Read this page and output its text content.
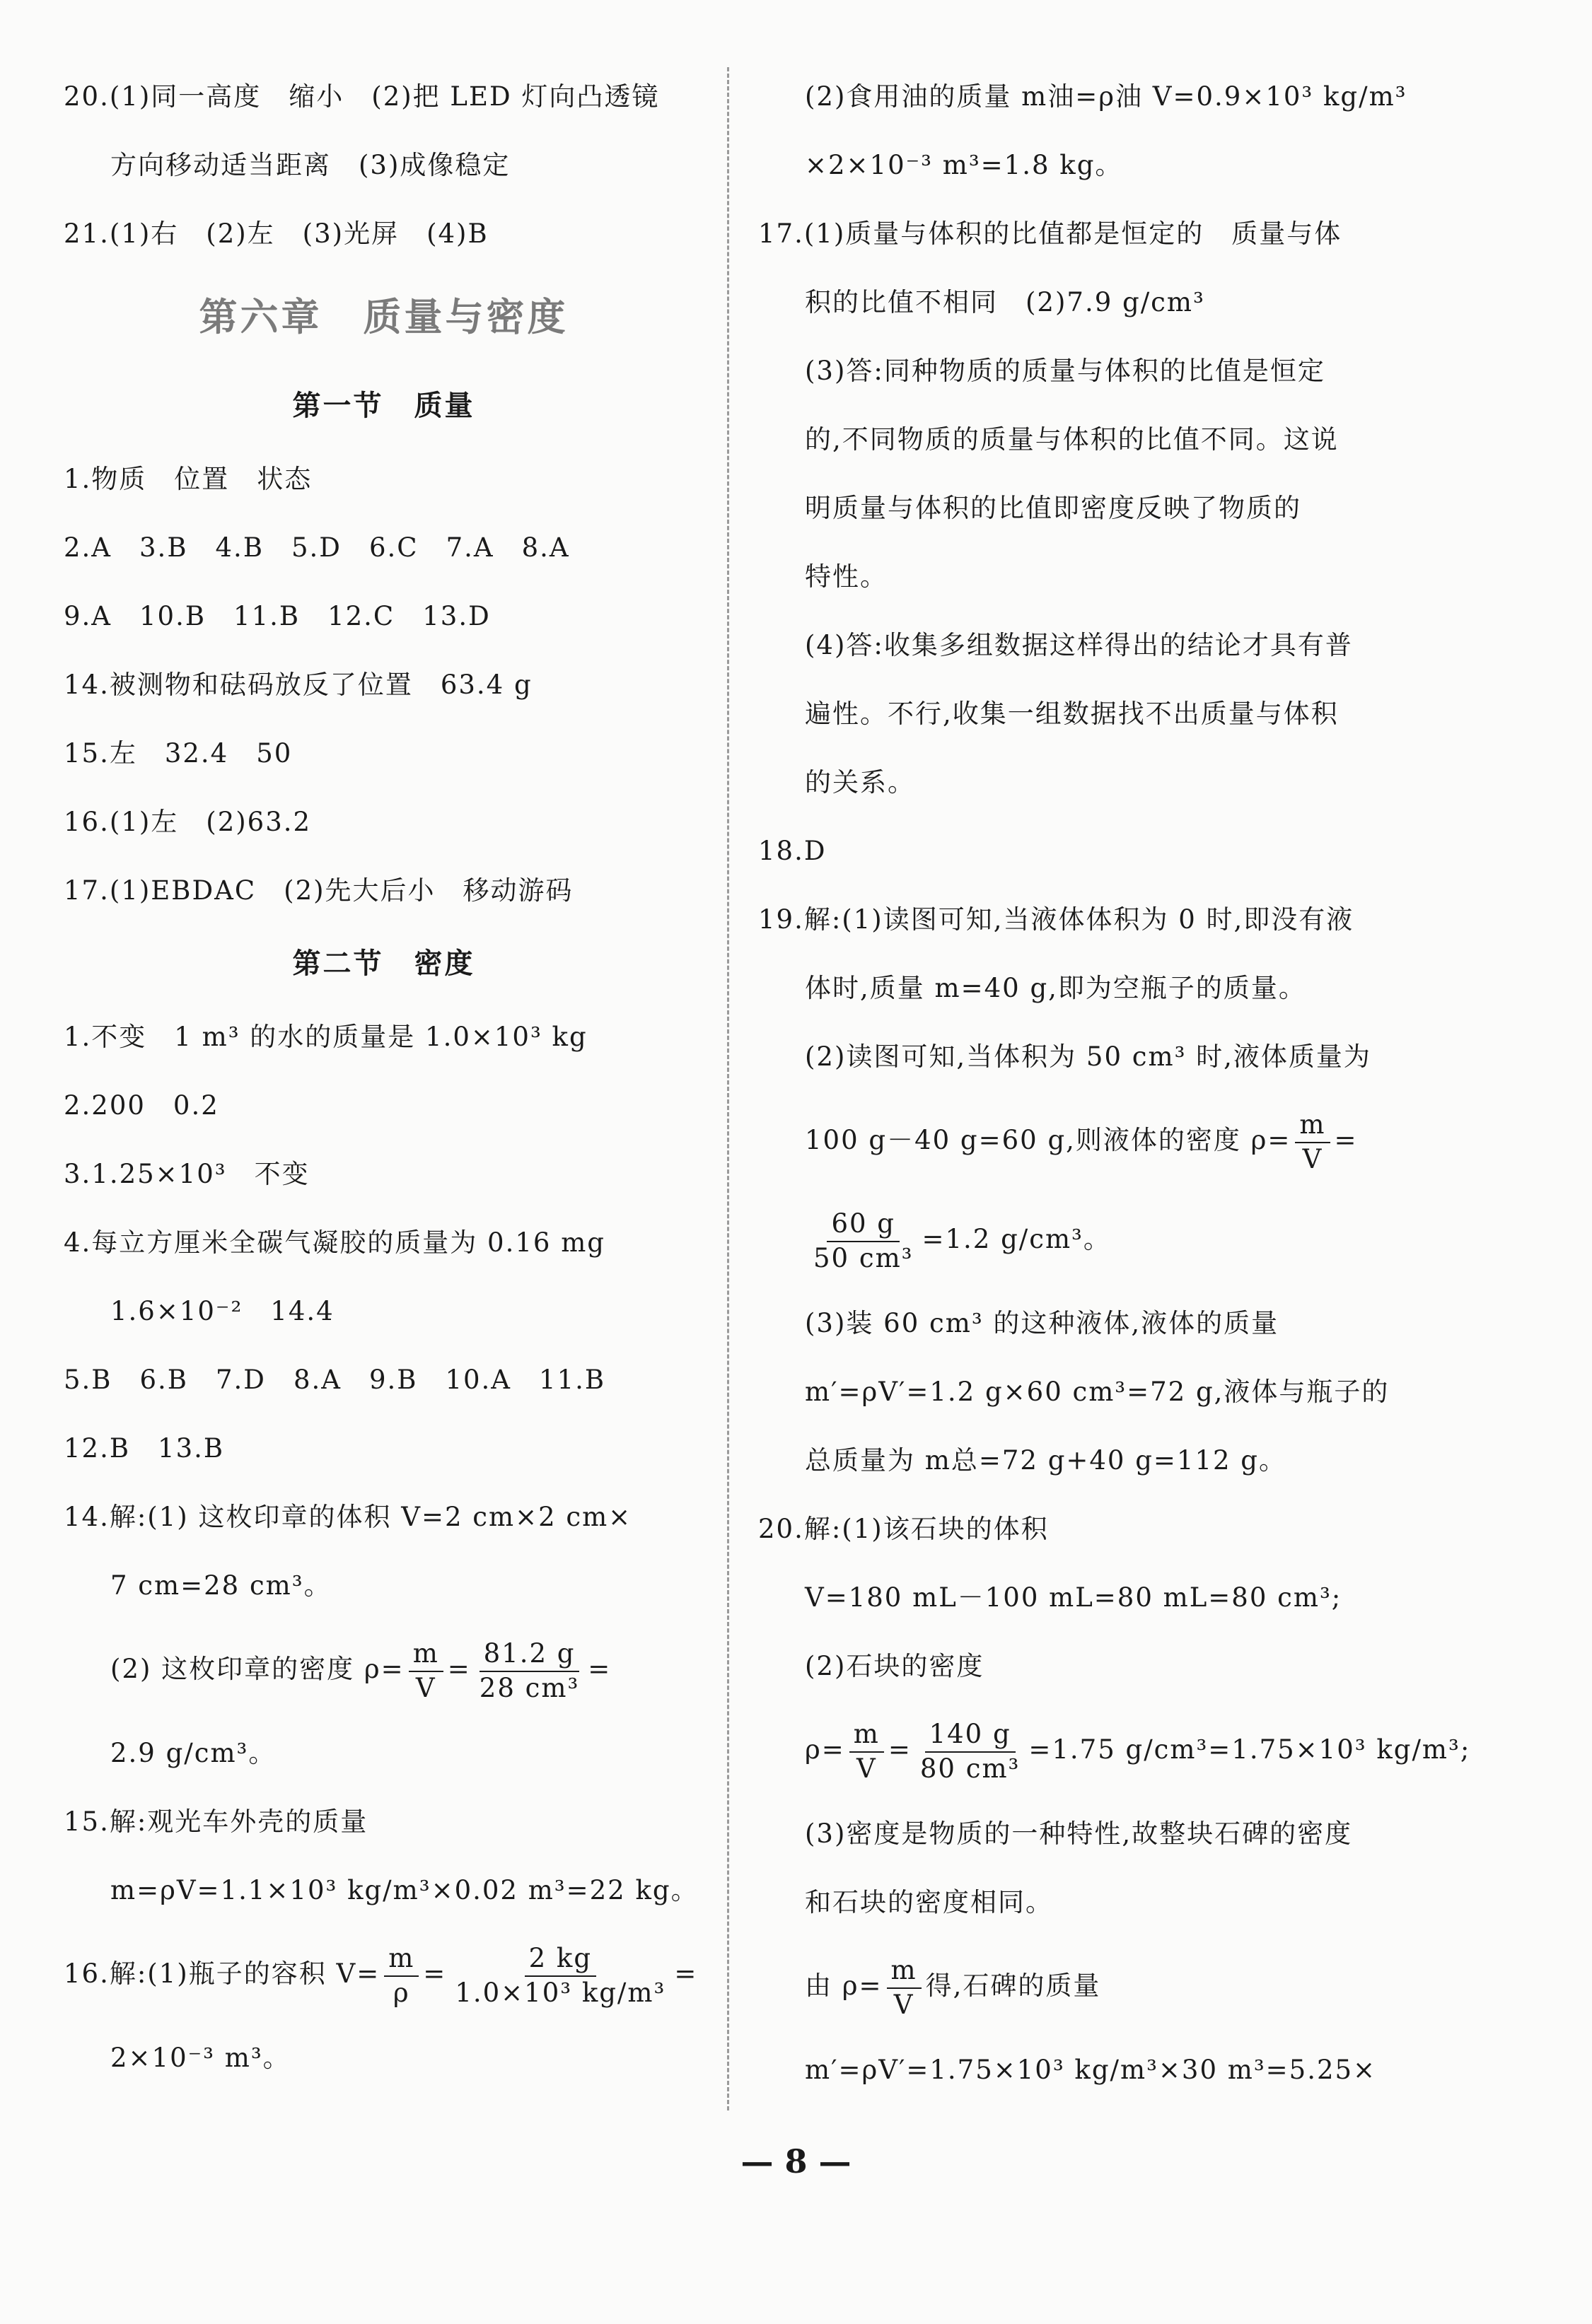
20.(1)同一高度　缩小　(2)把 LED 灯向凸透镜
方向移动适当距离　(3)成像稳定
21.(1)右　(2)左　(3)光屏　(4)B
第六章　质量与密度
第一节　质量
1.物质　位置　状态
2.A　3.B　4.B　5.D　6.C　7.A　8.A
9.A　10.B　11.B　12.C　13.D
14.被测物和砝码放反了位置　63.4 g
15.左　32.4　50
16.(1)左　(2)63.2
17.(1)EBDAC　(2)先大后小　移动游码
第二节　密度
1.不变　1 m³ 的水的质量是 1.0×10³ kg
2.200　0.2
3.1.25×10³　不变
4.每立方厘米全碳气凝胶的质量为 0.16 mg
1.6×10⁻²　14.4
5.B　6.B　7.D　8.A　9.B　10.A　11.B
12.B　13.B
14.解:(1) 这枚印章的体积 V=2 cm×2 cm×
7 cm=28 cm³。
(2) 这枚印章的密度 $\rho= \frac{m}{V} = \frac{81.2 g}{\text{28 cm³}}$ =
2.9 g/cm³。
15.解:观光车外壳的质量
m=ρV=1.1×10³ kg/m³×0.02 m³=22 kg。
16.解:(1)瓶子的容积 $V= \frac{m}{\rho} = \frac{2 kg}{\text{1.0×10³ kg/m³}}$ =
2×10⁻³ m³。
(2)食用油的质量 m油=ρ油 V=0.9×10³ kg/m³
×2×10⁻³ m³=1.8 kg。
17.(1)质量与体积的比值都是恒定的　质量与体
积的比值不相同　(2)7.9 g/cm³
(3)答:同种物质的质量与体积的比值是恒定
的,不同物质的质量与体积的比值不同。这说
明质量与体积的比值即密度反映了物质的
特性。
(4)答:收集多组数据这样得出的结论才具有普
遍性。不行,收集一组数据找不出质量与体积
的关系。
18.D
19.解:(1)读图可知,当液体体积为 0 时,即没有液
体时,质量 m=40 g,即为空瓶子的质量。
(2)读图可知,当体积为 50 cm³ 时,液体质量为
100 g－40 g=60 g,则液体的密度 $\rho= \frac{m}{V}$ =
$\frac{60 g}{\text{50 cm³}} =1.2$ g/cm³。
(3)装 60 cm³ 的这种液体,液体的质量
m′=ρV′=1.2 g×60 cm³=72 g,液体与瓶子的
总质量为 m总=72 g+40 g=112 g。
20.解:(1)该石块的体积
V=180 mL－100 mL=80 mL=80 cm³;
(2)石块的密度
$\rho= \frac{m}{V} = \frac{140 g}{\text{80 cm³}} =1.75$ g/cm³=1.75×10³ kg/m³;
(3)密度是物质的一种特性,故整块石碑的密度
和石块的密度相同。
由 $\rho= \frac{m}{V}$ 得,石碑的质量
m′=ρV′=1.75×10³ kg/m³×30 m³=5.25×
— 8 —
